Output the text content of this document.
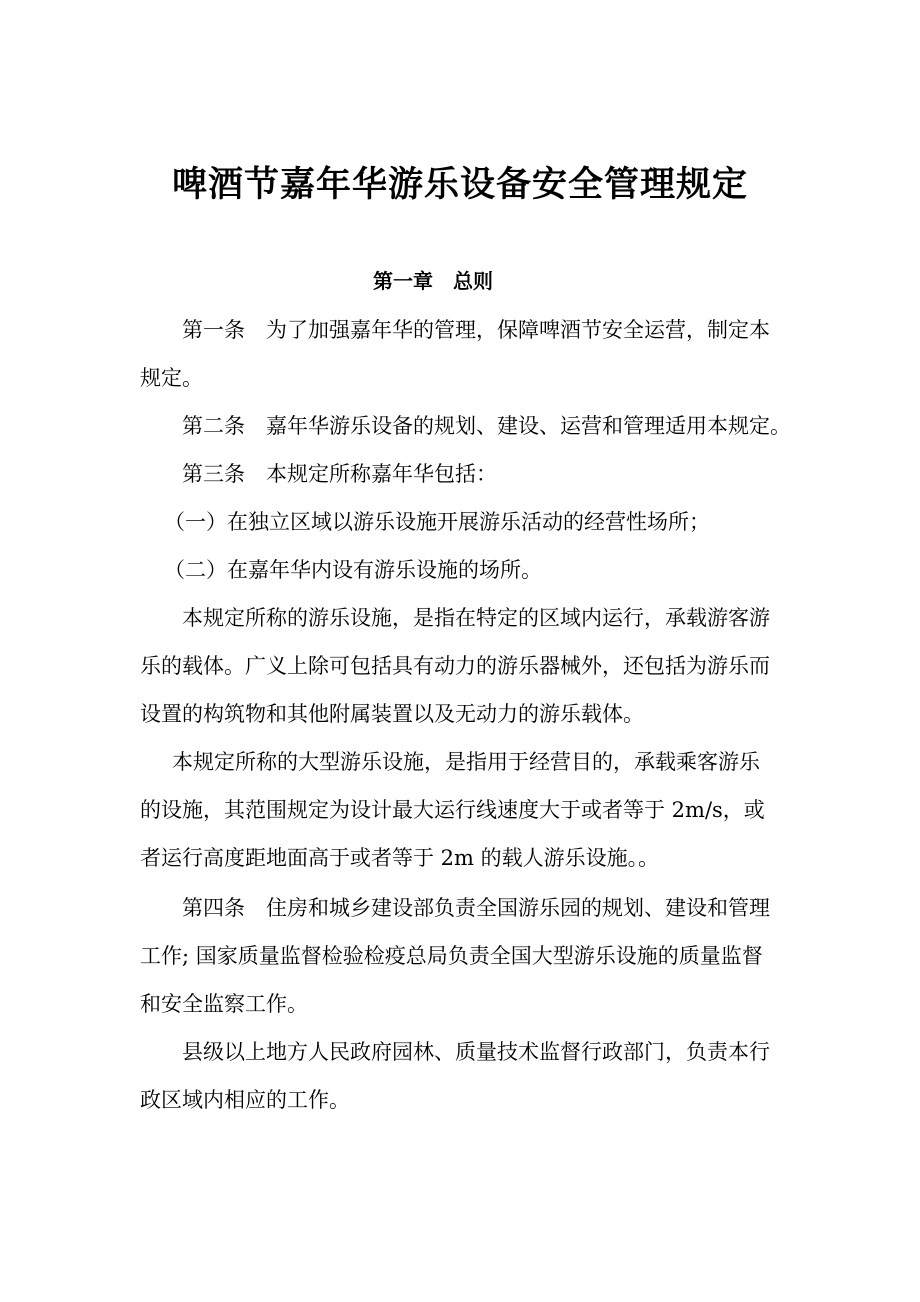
啤酒节嘉年华游乐设备安全管理规定
第一章　总则
第一条　为了加强嘉年华的管理，保障啤酒节安全运营，制定本
规定。
第二条　嘉年华游乐设备的规划、建设、运营和管理适用本规定。
第三条　本规定所称嘉年华包括：
（一）在独立区域以游乐设施开展游乐活动的经营性场所；
（二）在嘉年华内设有游乐设施的场所。
本规定所称的游乐设施，是指在特定的区域内运行，承载游客游
乐的载体。广义上除可包括具有动力的游乐器械外，还包括为游乐而
设置的构筑物和其他附属装置以及无动力的游乐载体。
本规定所称的大型游乐设施，是指用于经营目的，承载乘客游乐
的设施，其范围规定为设计最大运行线速度大于或者等于 2m/s，或
者运行高度距地面高于或者等于 2m 的载人游乐设施。。
第四条　住房和城乡建设部负责全国游乐园的规划、建设和管理
工作; 国家质量监督检验检疫总局负责全国大型游乐设施的质量监督
和安全监察工作。
县级以上地方人民政府园林、质量技术监督行政部门，负责本行
政区域内相应的工作。
